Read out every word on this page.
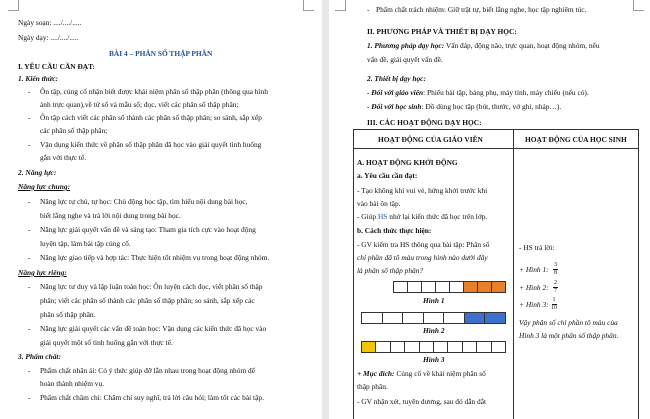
Ngày soạn: ..../..../.....
Ngày dạy: ..../..../.....
BÀI 4 – PHÂN SỐ THẬP PHÂN
I. YÊU CẦU CẦN ĐẠT:
1. Kiến thức:
- Ôn tập, củng cố nhận biết được khái niệm phân số thập phân (thông qua hình
ảnh trực quan),về tử số và mẫu số; đọc, viết các phân số thập phân;
- Ôn tập cách viết các phân số thành các phân số thập phân; so sánh, sắp xếp
các phân số thập phân;
- Vận dụng kiến thức về phân số thập phân đã học vào giải quyết tình huống
gắn với thực tế.
2. Năng lực:
Năng lực chung:
- Năng lực tự chủ, tự học: Chủ động học tập, tìm hiểu nội dung bài học,
biết lắng nghe và trả lời nội dung trong bài học.
- Năng lực giải quyết vấn đề và sáng tạo: Tham gia tích cực vào hoạt động
luyện tập, làm bài tập củng cố.
- Năng lực giao tiếp và hợp tác: Thực hiện tốt nhiệm vụ trong hoạt động nhóm.
Năng lực riêng:
- Năng lực tư duy và lập luận toán học: Ôn luyện cách đọc, viết phân số thập
phân; viết các phân số thành các phân số thập phân; so sánh, sắp xếp các
phân số thập phân.
- Năng lực giải quyết các vấn đề toán học: Vận dụng các kiến thức đã học vào
giải quyết một số tình huống gắn với thực tế.
3. Phẩm chất:
- Phẩm chất nhân ái: Có ý thức giúp đỡ lẫn nhau trong hoạt động nhóm để
hoàn thành nhiệm vụ.
- Phẩm chất chăm chỉ: Chăm chỉ suy nghĩ, trả lời câu hỏi; làm tốt các bài tập.
- Phẩm chất trách nhiệm: Giữ trật tự, biết lắng nghe, học tập nghiêm túc.
II. PHƯƠNG PHÁP VÀ THIẾT BỊ DẠY HỌC:
1. Phương pháp dạy học: Vấn đáp, động não, trực quan, hoạt động nhóm, nếu
vấn đề, giải quyết vấn đề.
2. Thiết bị dạy học:
- Đối với giáo viên: Phiếu bài tập, bảng phụ, máy tính, máy chiếu (nếu có).
- Đối với học sinh: Đồ dùng học tập (bút, thước, vở ghi, nháp…).
III. CÁC HOẠT ĐỘNG DẠY HỌC:
HOẠT ĐỘNG CỦA GIÁO VIÊN	HOẠT ĐỘNG CỦA HỌC SINH
A. HOẠT ĐỘNG KHỞI ĐỘNG
a. Yêu cầu cần đạt:
- Tạo không khí vui vẻ, hứng khởi trước khi
vào bài ôn tập.
- Giúp HS nhớ lại kiến thức đã học trên lớp.
b. Cách thức thực hiện:
- GV kiểm tra HS thông qua bài tập: Phân số
chỉ phần đã tô màu trong hình nào dưới đây
là phân số thập phân?
Hình 1
Hình 2
Hình 3
+ Mục đích: Củng cố về khái niệm phân số
thập phân.
- GV nhận xét, tuyên dương, sau đó dẫn dắt
- HS trả lời:
+ Hình 1: $\frac{3}{8}$
+ Hình 2: $\frac{2}{7}$
+ Hình 3: $\frac{1}{10}$
Vậy phân số chỉ phần tô màu của
Hình 3 là một phân số thập phân.
